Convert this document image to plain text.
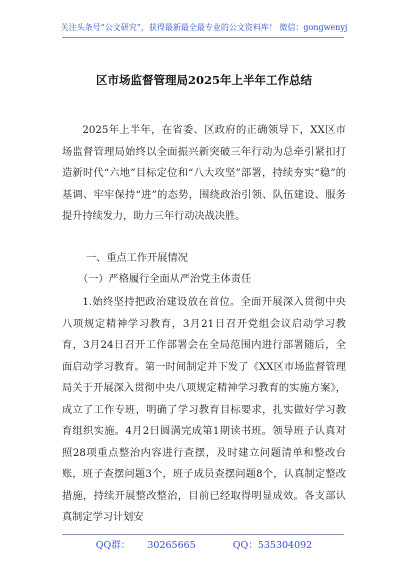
关注头条号“公文研究”，获得最新最全最专业的公文资料库！ 微信：gongwenyj
区市场监督管理局2025年上半年工作总结
2025年上半年，在省委、区政府的正确领导下，XX区市场监督管理局始终以全面振兴新突破三年行动为总牵引紧扣打造新时代“六地”目标定位和“八大攻坚”部署，持续夯实“稳”的基调、牢牢保持“进”的态势，围绕政治引领、队伍建设、服务提升持续发力，助力三年行动决战决胜。
一、重点工作开展情况
（一）严格履行全面从严治党主体责任
1.始终坚持把政治建设放在首位。全面开展深入贯彻中央八项规定精神学习教育，3月21日召开党组会议启动学习教育，3月24日召开工作部署会在全局范围内进行部署随后，全面启动学习教育。第一时间制定并下发了《XX区市场监督管理局关于开展深入贯彻中央八项规定精神学习教育的实施方案》，成立了工作专班，明确了学习教育目标要求，扎实做好学习教育组织实施。4月2日圆满完成第1期读书班。领导班子认真对照28项重点整治内容进行查摆，及时建立问题清单和整改台账，班子查摆问题3个，班子成员查摆问题8个，认真制定整改措施，持续开展整改整治，目前已经取得明显成效。各支部认真制定学习计划安
QQ群： 30265665	QQ：535304092
